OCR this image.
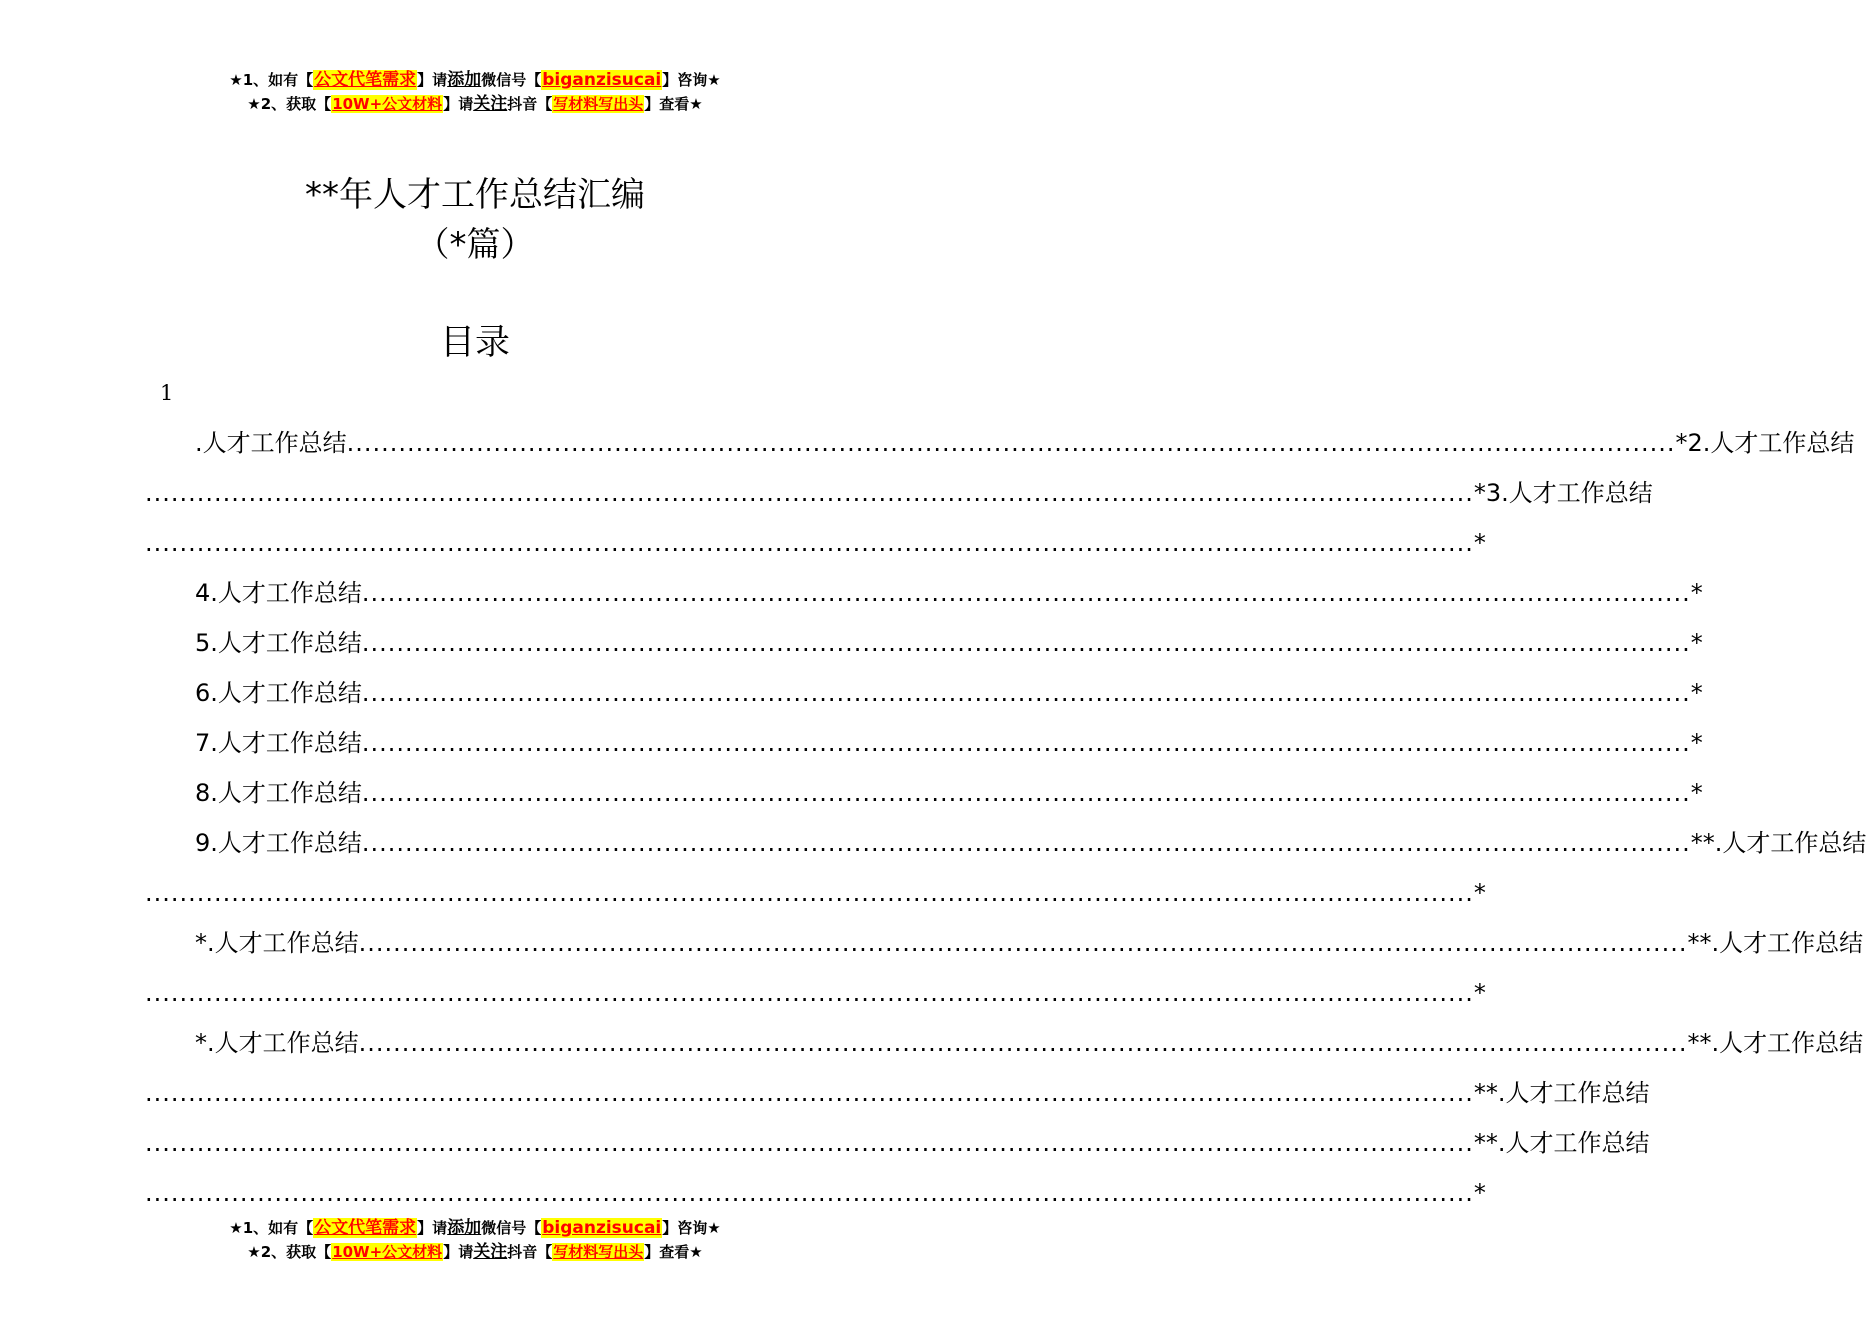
★1、如有【公文代笔需求】请添加微信号【biganzisucai】咨询★
★2、获取【10W+公文材料】请关注抖音【写材料写出头】查看★
**年人才工作总结汇编
（*篇）
目录
1
.人才工作总结 .......................................................................................................................................................... *2.人才工作总结
.......................................................................................................................................................... *3.人才工作总结
.......................................................................................................................................................... *
4.人才工作总结 .......................................................................................................................................................... *
5.人才工作总结 .......................................................................................................................................................... *
6.人才工作总结 .......................................................................................................................................................... *
7.人才工作总结 .......................................................................................................................................................... *
8.人才工作总结 .......................................................................................................................................................... *
9.人才工作总结 .......................................................................................................................................................... **.人才工作总结
.......................................................................................................................................................... *
*.人才工作总结 .......................................................................................................................................................... **.人才工作总结
.......................................................................................................................................................... *
*.人才工作总结 .......................................................................................................................................................... **.人才工作总结
.......................................................................................................................................................... **.人才工作总结
.......................................................................................................................................................... **.人才工作总结
.......................................................................................................................................................... *
★1、如有【公文代笔需求】请添加微信号【biganzisucai】咨询★
★2、获取【10W+公文材料】请关注抖音【写材料写出头】查看★
